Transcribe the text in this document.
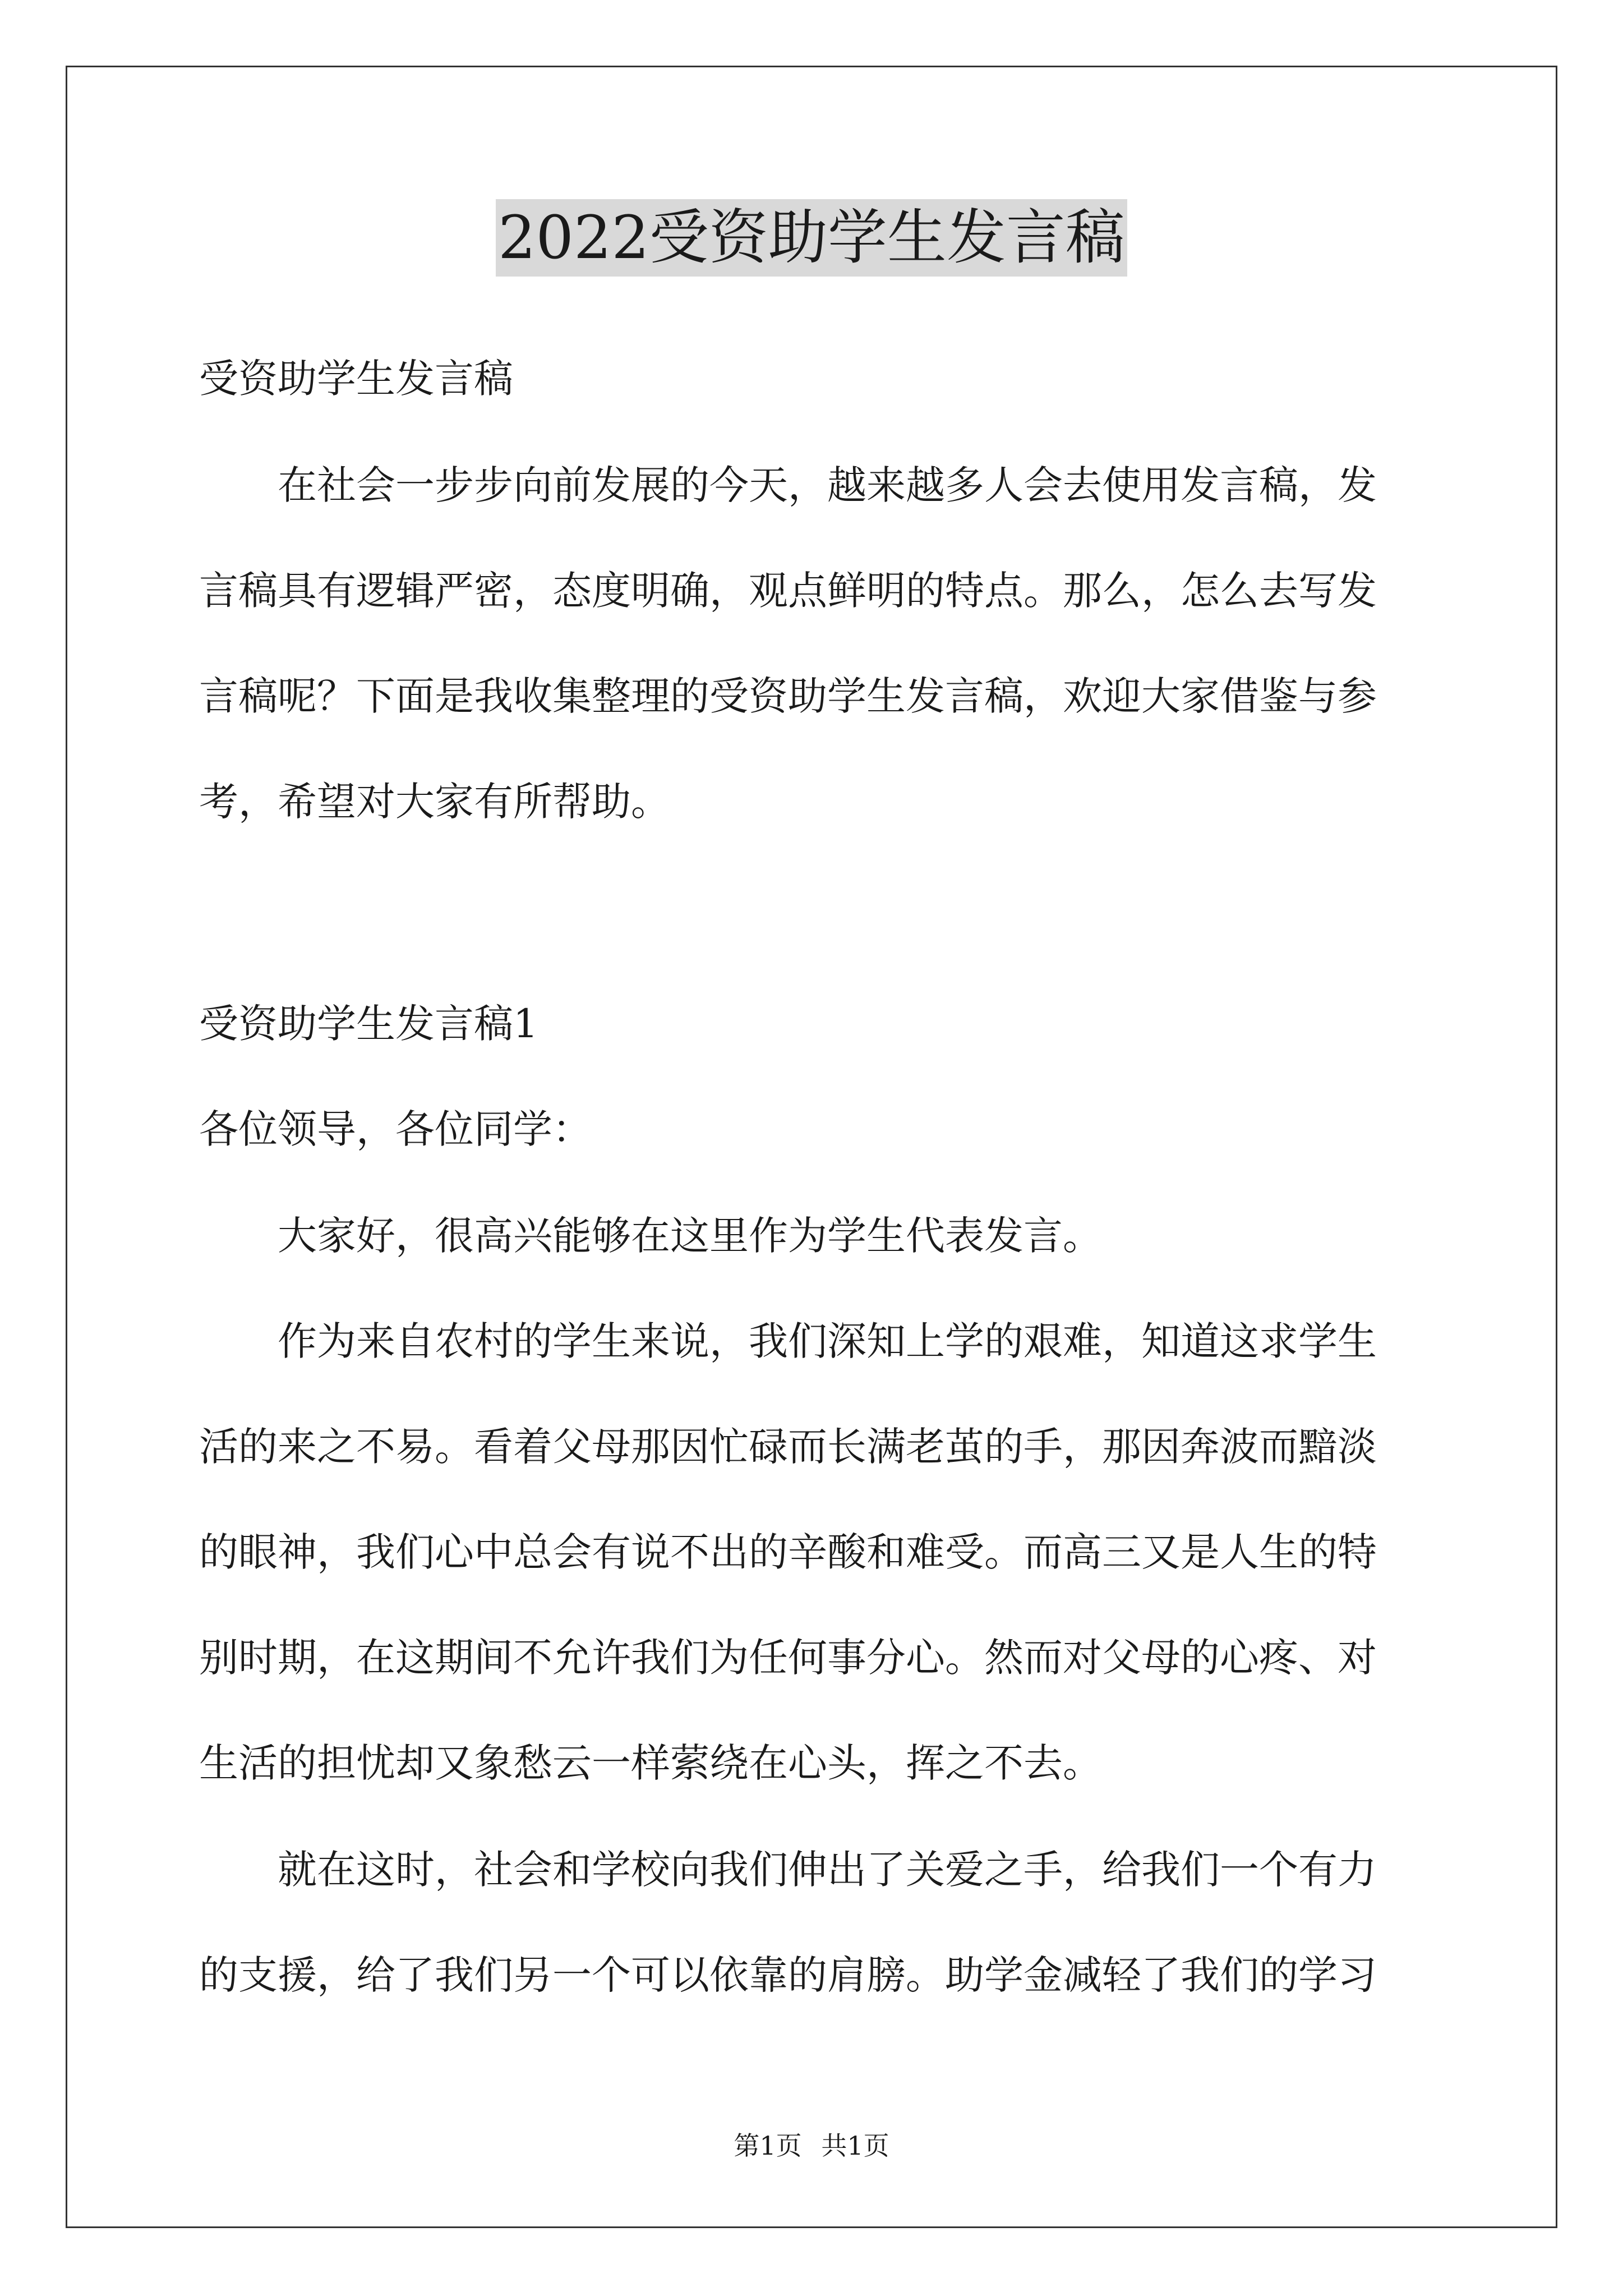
2022受资助学生发言稿
受资助学生发言稿
　　在社会一步步向前发展的今天，越来越多人会去使用发言稿，发
言稿具有逻辑严密，态度明确，观点鲜明的特点。那么，怎么去写发
言稿呢？下面是我收集整理的受资助学生发言稿，欢迎大家借鉴与参
考，希望对大家有所帮助。
受资助学生发言稿1
各位领导，各位同学：
　　大家好，很高兴能够在这里作为学生代表发言。
　　作为来自农村的学生来说，我们深知上学的艰难，知道这求学生
活的来之不易。看着父母那因忙碌而长满老茧的手，那因奔波而黯淡
的眼神，我们心中总会有说不出的辛酸和难受。而高三又是人生的特
别时期，在这期间不允许我们为任何事分心。然而对父母的心疼、对
生活的担忧却又象愁云一样萦绕在心头，挥之不去。
　　就在这时，社会和学校向我们伸出了关爱之手，给我们一个有力
的支援，给了我们另一个可以依靠的肩膀。助学金减轻了我们的学习
第1页 共1页
